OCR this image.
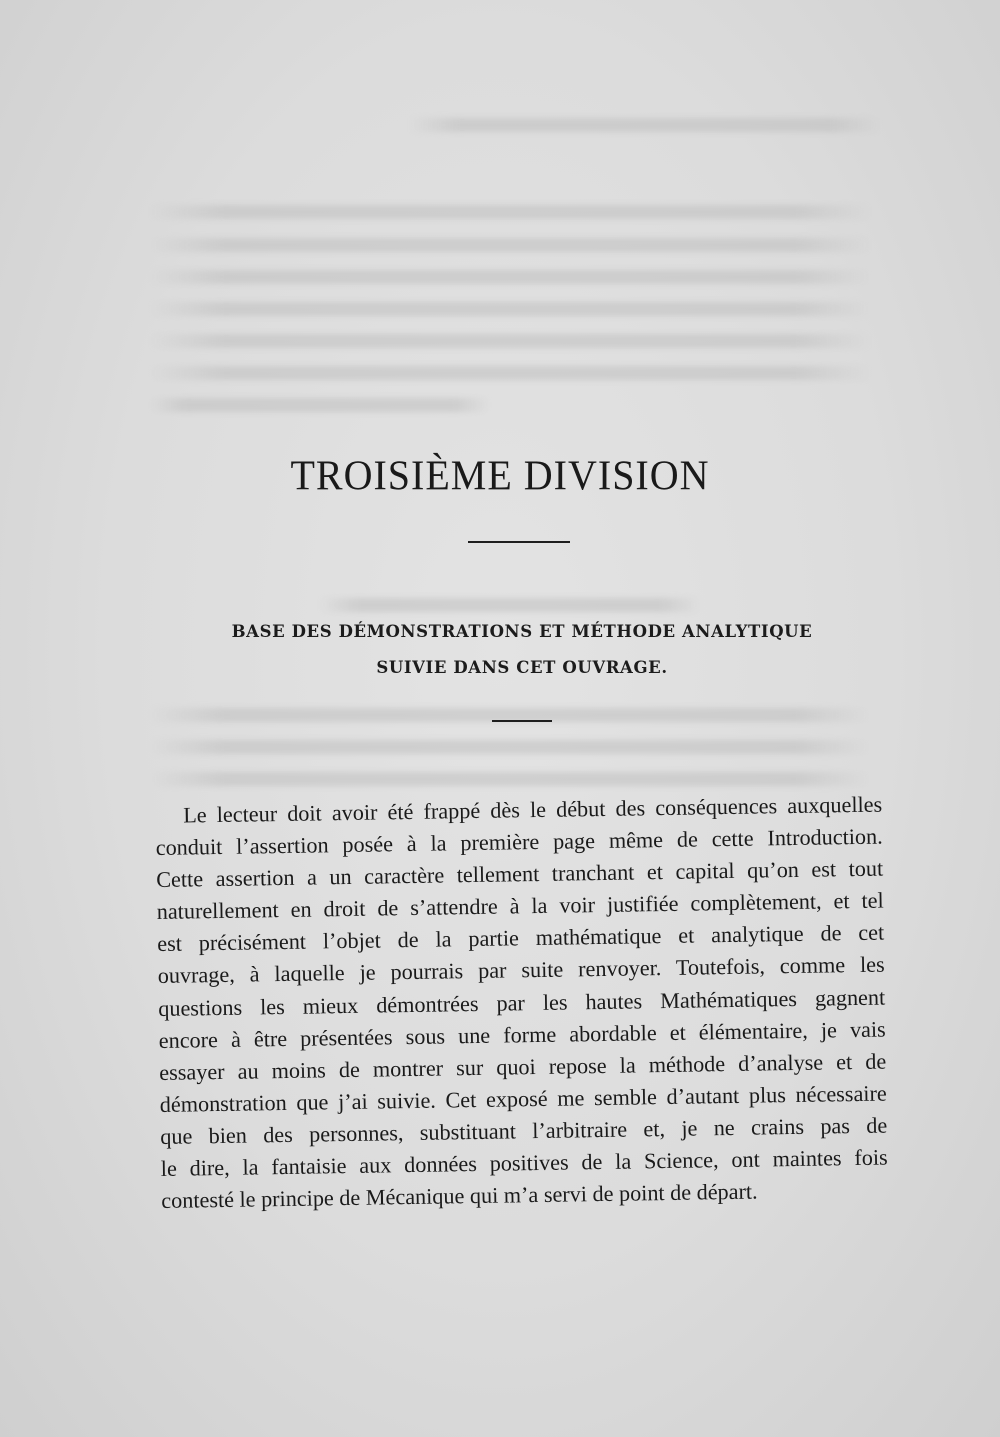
TROISIÈME DIVISION
BASE DES DÉMONSTRATIONS ET MÉTHODE ANALYTIQUE
SUIVIE DANS CET OUVRAGE.
Le lecteur doit avoir été frappé dès le début des conséquences auxquelles
conduit l’assertion posée à la première page même de cette Introduction.
Cette assertion a un caractère tellement tranchant et capital qu’on est tout
naturellement en droit de s’attendre à la voir justifiée complètement, et tel
est précisément l’objet de la partie mathématique et analytique de cet
ouvrage, à laquelle je pourrais par suite renvoyer. Toutefois, comme les
questions les mieux démontrées par les hautes Mathématiques gagnent
encore à être présentées sous une forme abordable et élémentaire, je vais
essayer au moins de montrer sur quoi repose la méthode d’analyse et de
démonstration que j’ai suivie. Cet exposé me semble d’autant plus nécessaire
que bien des personnes, substituant l’arbitraire et, je ne crains pas de
le dire, la fantaisie aux données positives de la Science, ont maintes fois
contesté le principe de Mécanique qui m’a servi de point de départ.
